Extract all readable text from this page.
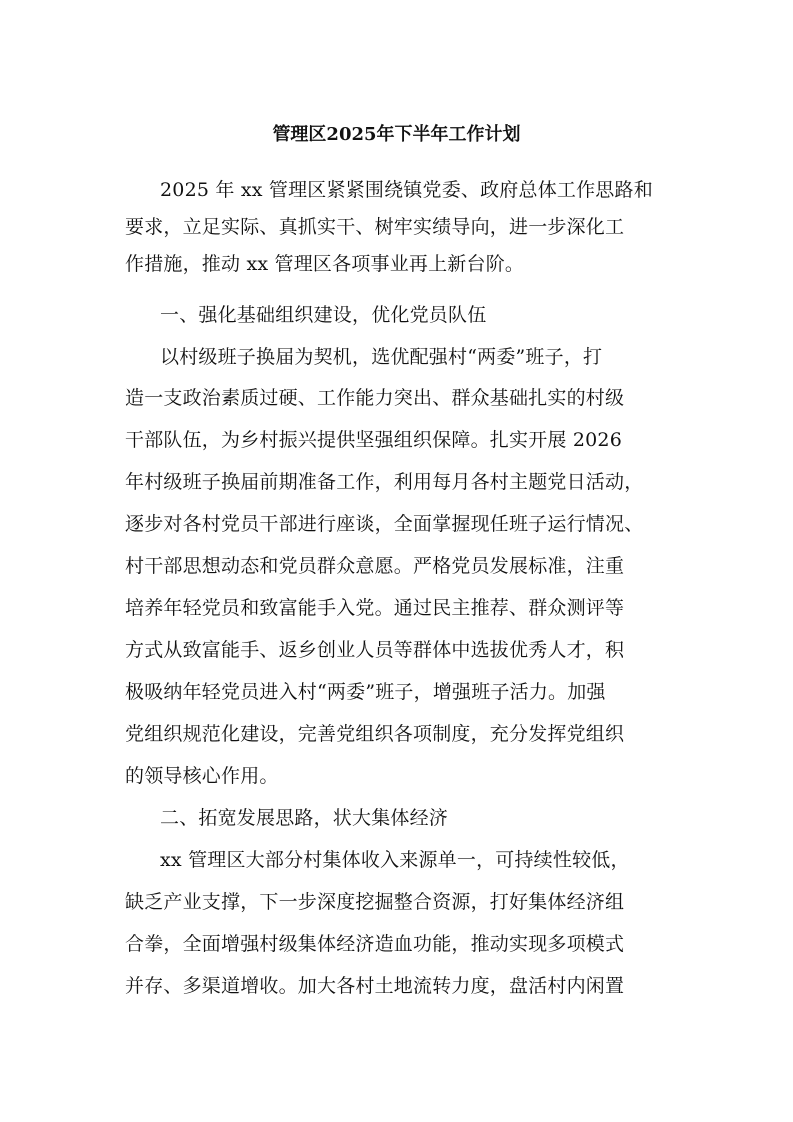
管理区2025年下半年工作计划
2025 年 xx 管理区紧紧围绕镇党委、政府总体工作思路和
要求，立足实际、真抓实干、树牢实绩导向，进一步深化工
作措施，推动 xx 管理区各项事业再上新台阶。
一、强化基础组织建设，优化党员队伍
以村级班子换届为契机，选优配强村“两委”班子，打
造一支政治素质过硬、工作能力突出、群众基础扎实的村级
干部队伍，为乡村振兴提供坚强组织保障。扎实开展 2026
年村级班子换届前期准备工作，利用每月各村主题党日活动，
逐步对各村党员干部进行座谈，全面掌握现任班子运行情况、
村干部思想动态和党员群众意愿。严格党员发展标准，注重
培养年轻党员和致富能手入党。通过民主推荐、群众测评等
方式从致富能手、返乡创业人员等群体中选拔优秀人才，积
极吸纳年轻党员进入村“两委”班子，增强班子活力。加强
党组织规范化建设，完善党组织各项制度，充分发挥党组织
的领导核心作用。
二、拓宽发展思路，状大集体经济
xx 管理区大部分村集体收入来源单一，可持续性较低，
缺乏产业支撑，下一步深度挖掘整合资源，打好集体经济组
合拳，全面增强村级集体经济造血功能，推动实现多项模式
并存、多渠道增收。加大各村土地流转力度，盘活村内闲置
